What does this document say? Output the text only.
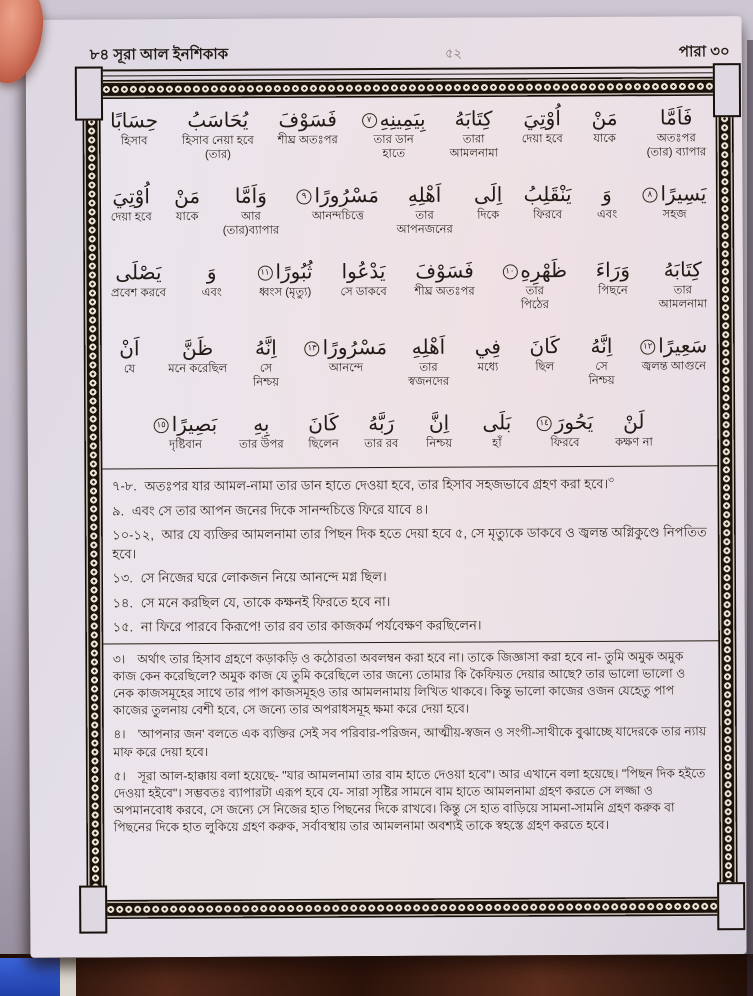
৮৪ সূরা আল ইনশিকাক	৫২	পারা ৩০
فَاَمَّا
অতঃপর
(তার) ব্যাপার
مَنْ
যাকে
اُوْتِيَ
দেয়া হবে
كِتَابَهُ
তারা
আমলনামা
بِيَمِينِهِ
٧
তার ডান
হাতে
فَسَوْفَ
শীঘ্র অতঃপর
يُحَاسَبُ
হিসাব নেয়া হবে
(তার)
حِسَابًا
হিসাব
يَسِيرًا
٨
সহজ
وَ
এবং
يَنْقَلِبُ
ফিরবে
اِلَى
দিকে
اَهْلِهِ
তার
আপনজনের
مَسْرُورًا
٩
আনন্দচিত্তে
وَاَمَّا
আর
(তার)ব্যাপার
مَنْ
যাকে
اُوْتِيَ
দেয়া হবে
كِتَابَهُ
তার
আমলনামা
وَرَاءَ
পিছনে
ظَهْرِهِ
١٠
তার
পিঠের
فَسَوْفَ
শীঘ্র অতঃপর
يَدْعُوا
সে ডাকবে
ثُبُورًا
١١
ধ্বংস (মৃত্যু)
وَ
এবং
يَصْلَى
প্রবেশ করবে
سَعِيرًا
١٢
জ্বলন্ত আগুনে
اِنَّهُ
সে
নিশ্চয়
كَانَ
ছিল
فِي
মধ্যে
اَهْلِهِ
তার
স্বজনদের
مَسْرُورًا
١٣
আনন্দে
اِنَّهُ
সে
নিশ্চয়
ظَنَّ
মনে করেছিল
اَنْ
যে
لَنْ
কক্ষণ না
يَحُورَ
١٤
ফিরবে
بَلَى
হাঁ
اِنَّ
নিশ্চয়
رَبَّهُ
তার রব
كَانَ
ছিলেন
بِهِ
তার উপর
بَصِيرًا
١٥
দৃষ্টিবান
৭-৮. অতঃপর যার আমল-নামা তার ডান হাতে দেওয়া হবে, তার হিসাব সহজভাবে গ্রহণ করা হবে।$^৩$
৯. এবং সে তার আপন জনের দিকে সানন্দচিত্তে ফিরে যাবে ৪।
১০-১২, আর যে ব্যক্তির আমলনামা তার পিছন দিক হতে দেয়া হবে ৫, সে মৃত্যুকে ডাকবে ও জ্বলন্ত অগ্নিকুণ্ডে নিপতিত হবে।
১৩. সে নিজের ঘরে লোকজন নিয়ে আনন্দে মগ্ন ছিল।
১৪. সে মনে করছিল যে, তাকে কক্ষনই ফিরতে হবে না।
১৫. না ফিরে পারবে কিরূপে! তার রব তার কাজকর্ম পর্যবেক্ষণ করছিলেন।
৩। অর্থাৎ তার হিসাব গ্রহণে কড়াকড়ি ও কঠোরতা অবলম্বন করা হবে না। তাকে জিজ্ঞাসা করা হবে না- তুমি অমুক অমুক কাজ কেন করেছিলে? অমুক কাজ যে তুমি করেছিলে তার জন্যে তোমার কি কৈফিয়ত দেয়ার আছে? তার ভালো ভালো ও নেক কাজসমূহের সাথে তার পাপ কাজসমূহও তার আমলনামায় লিখিত থাকবে। কিন্তু ভালো কাজের ওজন যেহেতু পাপ কাজের তুলনায় বেশী হবে, সে জন্যে তার অপরাধসমূহ ক্ষমা করে দেয়া হবে।
৪। 'আপনার জন' বলতে এক ব্যক্তির সেই সব পরিবার-পরিজন, আত্মীয়-স্বজন ও সংগী-সাথীকে বুঝাচ্ছে যাদেরকে তার ন্যায় মাফ করে দেয়া হবে।
৫। সূরা আল-হাক্কায় বলা হয়েছে- "যার আমলনামা তার বাম হাতে দেওয়া হবে"। আর এখানে বলা হয়েছে। "পিছন দিক হইতে দেওয়া হইবে"। সম্ভবতঃ ব্যাপারটা এরূপ হবে যে- সারা সৃষ্টির সামনে বাম হাতে আমলনামা গ্রহণ করতে সে লজ্জা ও অপমানবোধ করবে, সে জন্যে সে নিজের হাত পিছনের দিকে রাখবে। কিন্তু সে হাত বাড়িয়ে সামনা-সামনি গ্রহণ করুক বা পিছনের দিকে হাত লুকিয়ে গ্রহণ করুক, সর্বাবস্থায় তার আমলনামা অবশ্যই তাকে স্বহস্তে গ্রহণ করতে হবে।
